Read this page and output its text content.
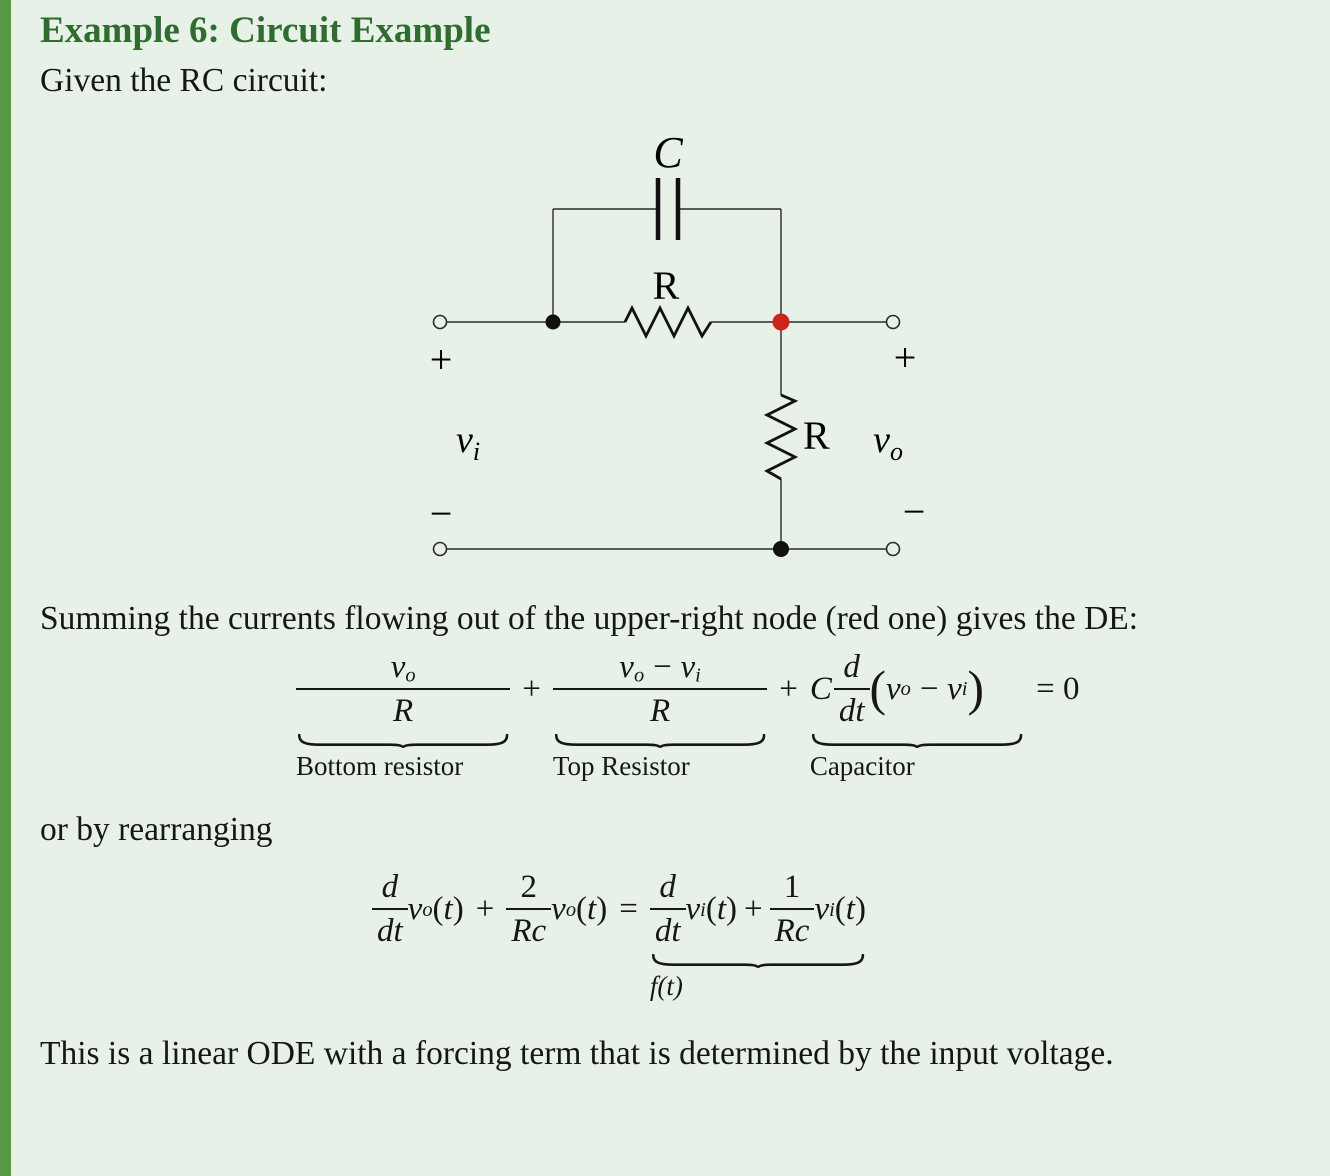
Example 6: Circuit Example

Given the RC circuit:

C
R
R
$v_i$	$v_o$
+	+
−	−

Summing the currents flowing out of the upper-right node (red one) gives the DE:

$\frac{vo}{R}$
Bottom resistor
+ $\frac{vo - vi}{R}$
Top Resistor
+ C $\frac{d}{dt}$ ( v o − v i )
Capacitor
= 0

or by rearranging

$\frac{d}{dt}$ v o ( t ) + $\frac{2}{Rc}$ v o ( t ) = $\frac{d}{dt}$ v i ( t ) + $\frac{1}{Rc}$ v i ( t )
f(t)

This is a linear ODE with a forcing term that is determined by the input voltage.
